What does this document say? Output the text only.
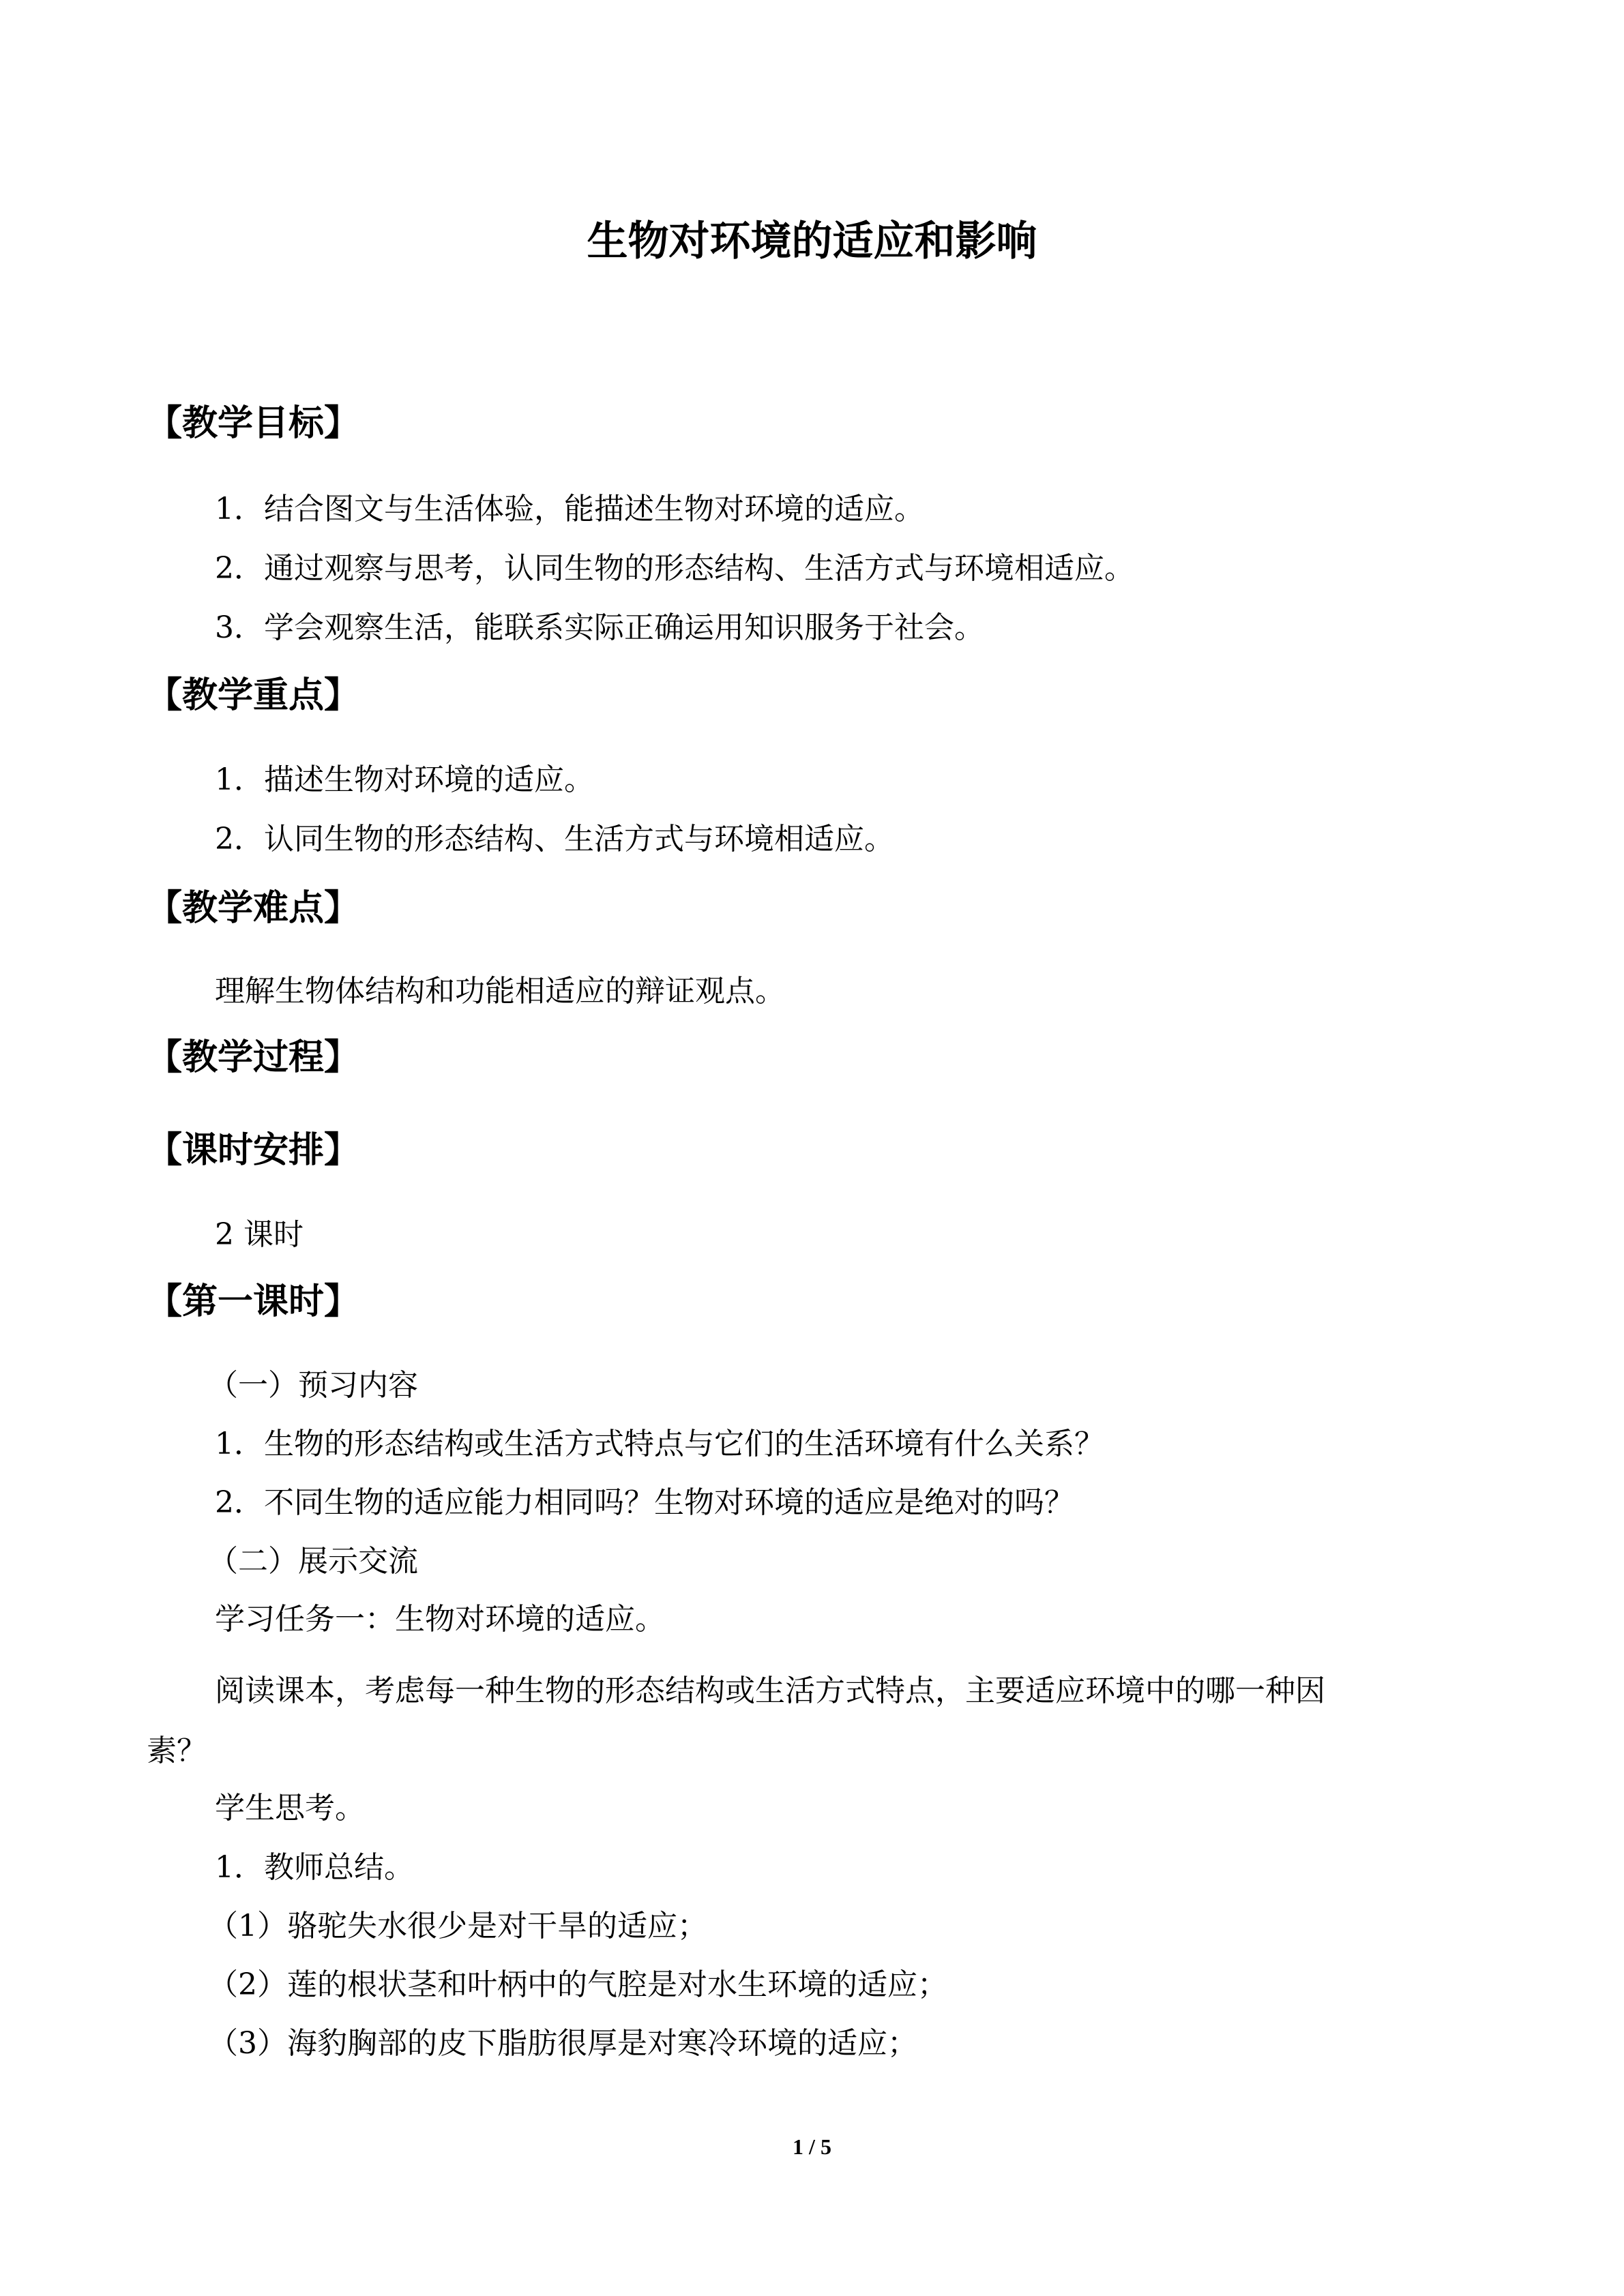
生物对环境的适应和影响
【教学目标】

1．结合图文与生活体验，能描述生物对环境的适应。

2．通过观察与思考，认同生物的形态结构、生活方式与环境相适应。

3．学会观察生活，能联系实际正确运用知识服务于社会。

【教学重点】

1．描述生物对环境的适应。

2．认同生物的形态结构、生活方式与环境相适应。

【教学难点】

理解生物体结构和功能相适应的辩证观点。

【教学过程】
【课时安排】

2 课时

【第一课时】

（一）预习内容

1．生物的形态结构或生活方式特点与它们的生活环境有什么关系？

2．不同生物的适应能力相同吗？生物对环境的适应是绝对的吗？

（二）展示交流

学习任务一：生物对环境的适应。

阅读课本，考虑每一种生物的形态结构或生活方式特点，主要适应环境中的哪一种因

素？

学生思考。

1．教师总结。

（1）骆驼失水很少是对干旱的适应；

（2）莲的根状茎和叶柄中的气腔是对水生环境的适应；

（3）海豹胸部的皮下脂肪很厚是对寒冷环境的适应；

1 / 5
